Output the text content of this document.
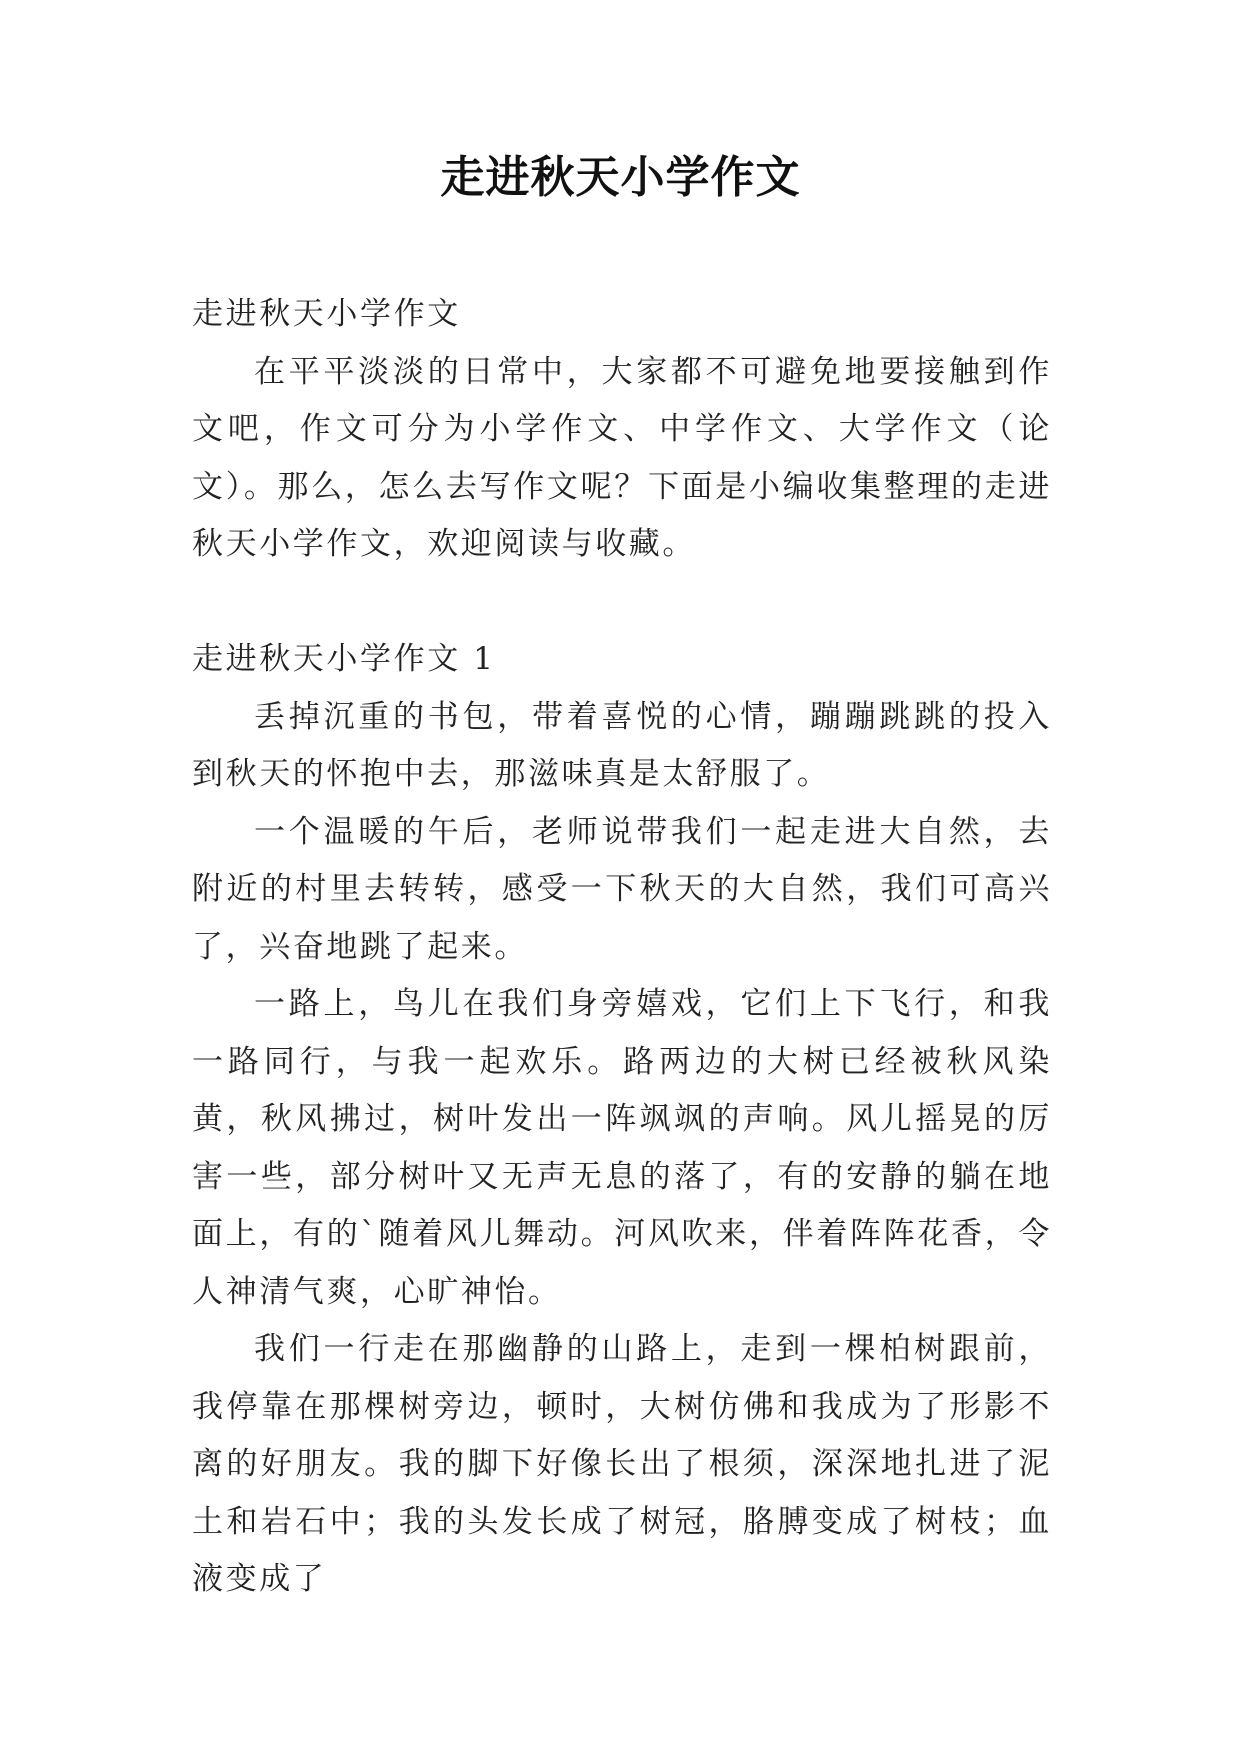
走进秋天小学作文

走进秋天小学作文

在平平淡淡的日常中，大家都不可避免地要接触到作文吧，作文可分为小学作文、中学作文、大学作文（论文）。那么，怎么去写作文呢？下面是小编收集整理的走进秋天小学作文，欢迎阅读与收藏。

走进秋天小学作文 1

丢掉沉重的书包，带着喜悦的心情，蹦蹦跳跳的投入到秋天的怀抱中去，那滋味真是太舒服了。

一个温暖的午后，老师说带我们一起走进大自然，去附近的村里去转转，感受一下秋天的大自然，我们可高兴了，兴奋地跳了起来。

一路上，鸟儿在我们身旁嬉戏，它们上下飞行，和我一路同行，与我一起欢乐。路两边的大树已经被秋风染黄，秋风拂过，树叶发出一阵飒飒的声响。风儿摇晃的厉害一些，部分树叶又无声无息的落了，有的安静的躺在地面上，有的`随着风儿舞动。河风吹来，伴着阵阵花香，令人神清气爽，心旷神怡。

我们一行走在那幽静的山路上，走到一棵柏树跟前，我停靠在那棵树旁边，顿时，大树仿佛和我成为了形影不离的好朋友。我的脚下好像长出了根须，深深地扎进了泥土和岩石中；我的头发长成了树冠，胳膊变成了树枝；血液变成了
